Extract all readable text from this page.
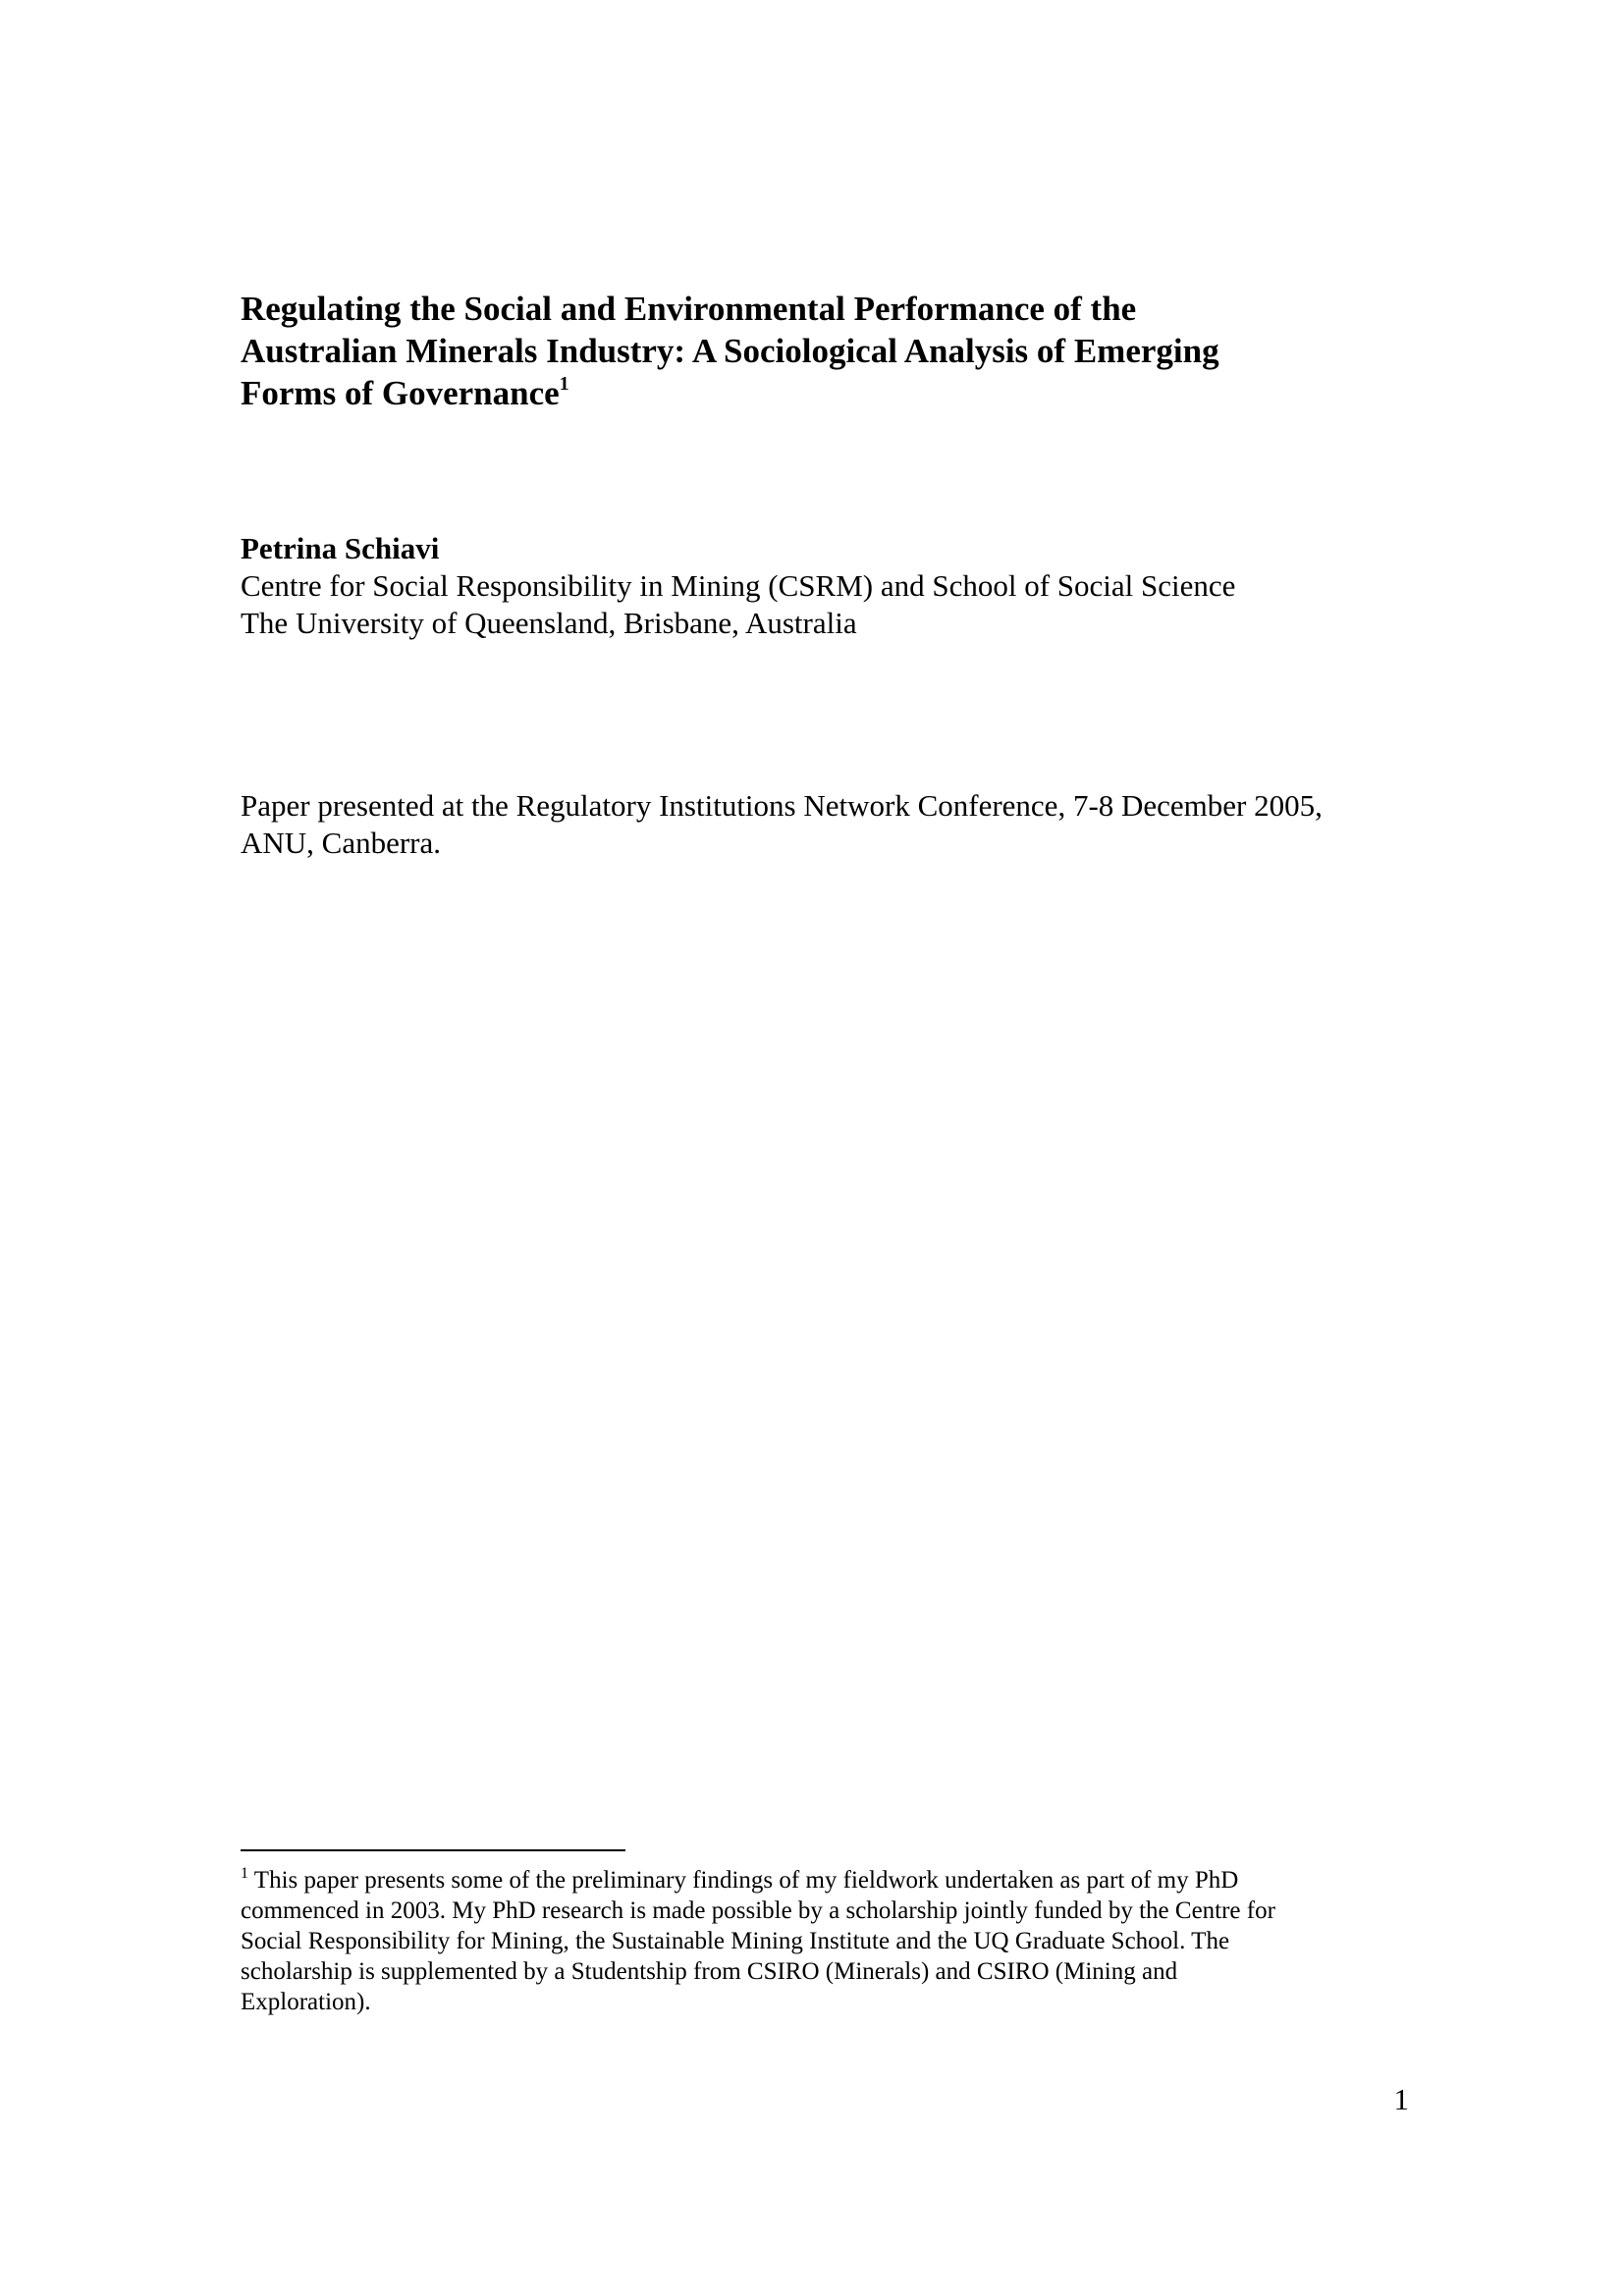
Regulating the Social and Environmental Performance of the
Australian Minerals Industry: A Sociological Analysis of Emerging
Forms of Governance$^1$
Petrina Schiavi
Centre for Social Responsibility in Mining (CSRM) and School of Social Science
The University of Queensland, Brisbane, Australia
Paper presented at the Regulatory Institutions Network Conference, 7-8 December 2005,
ANU, Canberra.
$^1$ This paper presents some of the preliminary findings of my fieldwork undertaken as part of my PhD
commenced in 2003. My PhD research is made possible by a scholarship jointly funded by the Centre for
Social Responsibility for Mining, the Sustainable Mining Institute and the UQ Graduate School. The
scholarship is supplemented by a Studentship from CSIRO (Minerals) and CSIRO (Mining and
Exploration).
1
